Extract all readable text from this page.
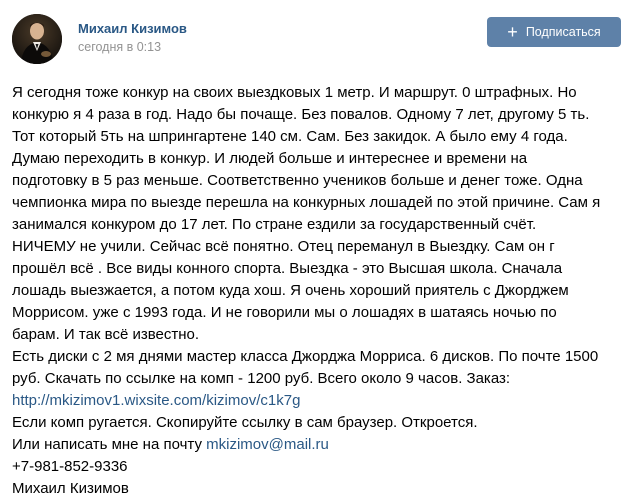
Михаил Кизимов
сегодня в 0:13
+ Подписаться
Я сегодня тоже конкур на своих выездковых 1 метр. И маршрут. 0 штрафных. Но
конкурю я 4 раза в год. Надо бы почаще. Без повалов. Одному 7 лет, другому 5 ть.
Тот который 5ть на шпрингартене 140 см. Сам. Без закидок. А было ему 4 года.
Думаю переходить в конкур. И людей больше и интереснее и времени на
подготовку в 5 раз меньше. Соответственно учеников больше и денег тоже. Одна
чемпионка мира по выезде перешла на конкурных лошадей по этой причине. Сам я
занимался конкуром до 17 лет. По стране ездили за государственный счёт.
НИЧЕМУ не учили. Сейчас всё понятно. Отец переманул в Выездку. Сам он г
прошёл всё . Все виды конного спорта. Выездка - это Высшая школа. Сначала
лошадь выезжается, а потом куда хош. Я очень хороший приятель с Джорджем
Моррисом. уже с 1993 года. И не говорили мы о лошадях в шатаясь ночью по
барам. И так всё известно.
Есть диски с 2 мя днями мастер класса Джорджа Морриса. 6 дисков. По почте 1500
руб. Скачать по ссылке на комп - 1200 руб. Всего около 9 часов. Заказ:
http://mkizimov1.wixsite.com/kizimov/c1k7g
Если комп ругается. Скопируйте ссылку в сам браузер. Откроется.
Или написать мне на почту mkizimov@mail.ru
+7-981-852-9336
Михаил Кизимов
